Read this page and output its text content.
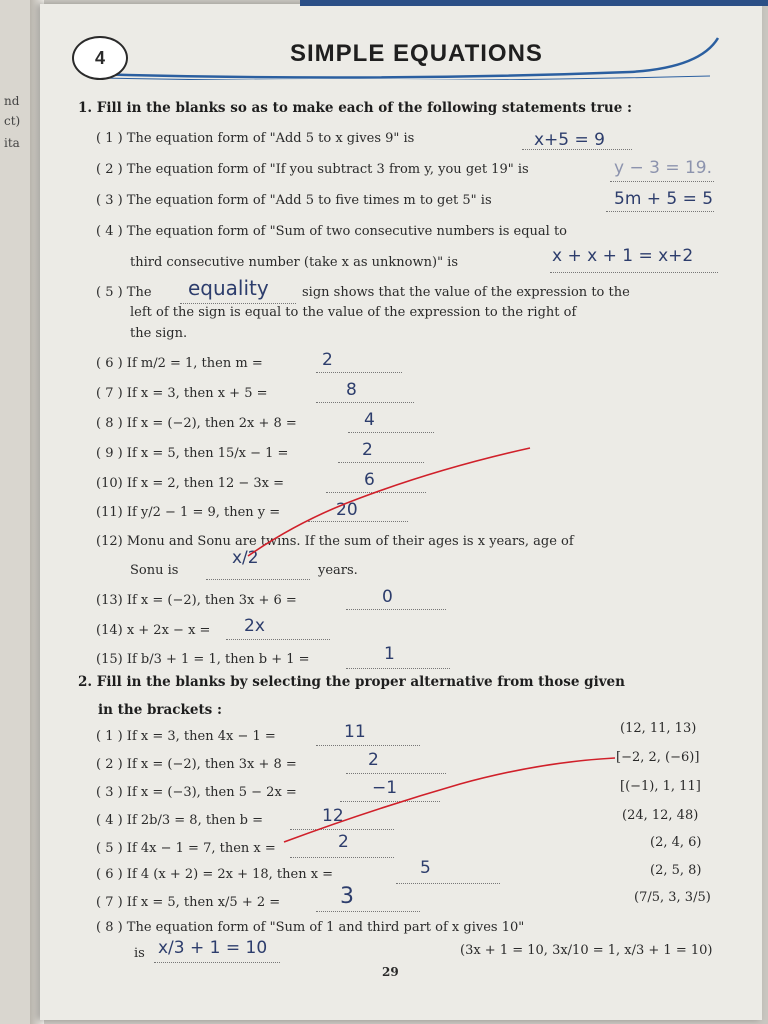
nd
ct)
ita
4	SIMPLE EQUATIONS
1. Fill in the blanks so as to make each of the following statements true :
( 1 ) The equation form of "Add 5 to x gives 9" is	x+5 = 9
( 2 ) The equation form of "If you subtract 3 from y, you get 19" is	y − 3 = 19.
( 3 ) The equation form of "Add 5 to five times m to get 5" is	5m + 5 = 5
( 4 ) The equation form of "Sum of two consecutive numbers is equal to
third consecutive number (take x as unknown)" is	x + x + 1 = x+2
( 5 ) The equality	sign shows that the value of the expression to the
left of the sign is equal to the value of the expression to the right of
the sign.
( 6 ) If m/2 = 1, then m =	2
( 7 ) If x = 3, then x + 5 =	8
( 8 ) If x = (−2), then 2x + 8 =	4
( 9 ) If x = 5, then 15/x − 1 =	2
(10) If x = 2, then 12 − 3x =	6
(11) If y/2 − 1 = 9, then y =	20
(12) Monu and Sonu are twins. If the sum of their ages is x years, age of
Sonu is
x/2
years.
(13) If x = (−2), then 3x + 6 =	0
(14) x + 2x − x = 2x
(15) If b/3 + 1 = 1, then b + 1 =	1
2. Fill in the blanks by selecting the proper alternative from those given
in the brackets :
( 1 ) If x = 3, then 4x − 1 =	11	(12, 11, 13)
( 2 ) If x = (−2), then 3x + 8 =	2	[−2, 2, (−6)]
( 3 ) If x = (−3), then 5 − 2x =	−1	[(−1), 1, 11]
( 4 ) If 2b/3 = 8, then b =	12	(24, 12, 48)
( 5 ) If 4x − 1 = 7, then x =	2	(2, 4, 6)
( 6 ) If 4 (x + 2) = 2x + 18, then x =	5	(2, 5, 8)
( 7 ) If x = 5, then x/5 + 2 =	3	(7/5, 3, 3/5)
( 8 ) The equation form of "Sum of 1 and third part of x gives 10"
is x/3 + 1 = 10	(3x + 1 = 10, 3x/10 = 1, x/3 + 1 = 10)
29
